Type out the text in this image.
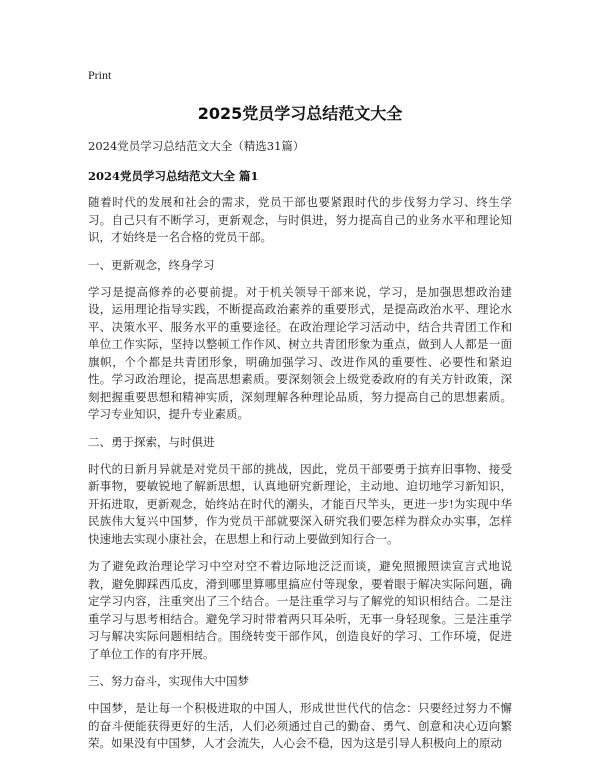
Print
2025党员学习总结范文大全
2024党员学习总结范文大全（精选31篇）
2024党员学习总结范文大全 篇1

随着时代的发展和社会的需求，党员干部也要紧跟时代的步伐努力学习、终生学习。自己只有不断学习，更新观念，与时俱进，努力提高自己的业务水平和理论知识，才始终是一名合格的党员干部。

一、更新观念，终身学习

学习是提高修养的必要前提。对于机关领导干部来说，学习，是加强思想政治建设，运用理论指导实践，不断提高政治素养的重要形式，是提高政治水平、理论水平、决策水平、服务水平的重要途径。在政治理论学习活动中，结合共青团工作和单位工作实际，坚持以整顿工作作风、树立共青团形象为重点，做到人人都是一面旗帜，个个都是共青团形象，明确加强学习、改进作风的重要性、必要性和紧迫性。学习政治理论，提高思想素质。要深刻领会上级党委政府的有关方针政策，深刻把握重要思想和精神实质，深刻理解各种理论品质，努力提高自己的思想素质。学习专业知识，提升专业素质。

二、勇于探索，与时俱进

时代的日新月异就是对党员干部的挑战，因此，党员干部要勇于摈弃旧事物、接受新事物，要敏锐地了解新思想，认真地研究新理论，主动地、迫切地学习新知识，开拓进取，更新观念，始终站在时代的潮头，才能百尺竿头，更进一步!为实现中华民族伟大复兴中国梦，作为党员干部就要深入研究我们要怎样为群众办实事，怎样快速地去实现小康社会，在思想上和行动上要做到知行合一。

为了避免政治理论学习中空对空不着边际地泛泛而谈，避免照搬照读宣言式地说教，避免脚踩西瓜皮，滑到哪里算哪里搞应付等现象，要着眼于解决实际问题，确定学习内容，注重突出了三个结合。一是注重学习与了解党的知识相结合。二是注重学习与思考相结合。避免学习时带着两只耳朵听，无事一身轻现象。三是注重学习与解决实际问题相结合。围绕转变干部作风，创造良好的学习、工作环境，促进了单位工作的有序开展。

三、努力奋斗，实现伟大中国梦

中国梦，是让每一个积极进取的中国人，形成世世代代的信念：只要经过努力不懈的奋斗便能获得更好的生活，人们必须通过自己的勤奋、勇气、创意和决心迈向繁荣。如果没有中国梦，人才会流失，人心会不稳，因为这是引导人积极向上的原动
